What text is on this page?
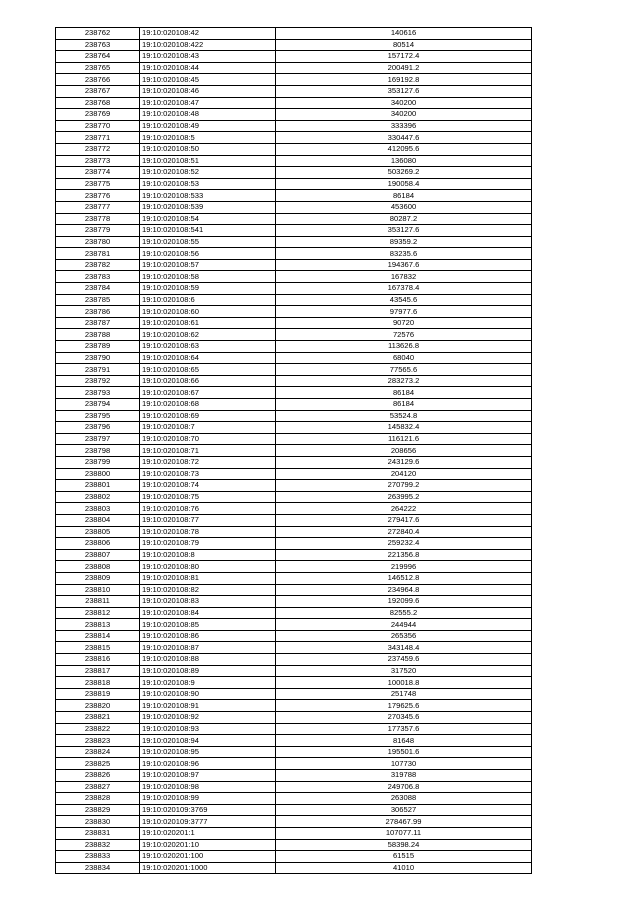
238762	19:10:020108:42	140616
238763	19:10:020108:422	80514
238764	19:10:020108:43	157172.4
238765	19:10:020108:44	200491.2
238766	19:10:020108:45	169192.8
238767	19:10:020108:46	353127.6
238768	19:10:020108:47	340200
238769	19:10:020108:48	340200
238770	19:10:020108:49	333396
238771	19:10:020108:5	330447.6
238772	19:10:020108:50	412095.6
238773	19:10:020108:51	136080
238774	19:10:020108:52	503269.2
238775	19:10:020108:53	190058.4
238776	19:10:020108:533	86184
238777	19:10:020108:539	453600
238778	19:10:020108:54	80287.2
238779	19:10:020108:541	353127.6
238780	19:10:020108:55	89359.2
238781	19:10:020108:56	83235.6
238782	19:10:020108:57	194367.6
238783	19:10:020108:58	167832
238784	19:10:020108:59	167378.4
238785	19:10:020108:6	43545.6
238786	19:10:020108:60	97977.6
238787	19:10:020108:61	90720
238788	19:10:020108:62	72576
238789	19:10:020108:63	113626.8
238790	19:10:020108:64	68040
238791	19:10:020108:65	77565.6
238792	19:10:020108:66	283273.2
238793	19:10:020108:67	86184
238794	19:10:020108:68	86184
238795	19:10:020108:69	53524.8
238796	19:10:020108:7	145832.4
238797	19:10:020108:70	116121.6
238798	19:10:020108:71	208656
238799	19:10:020108:72	243129.6
238800	19:10:020108:73	204120
238801	19:10:020108:74	270799.2
238802	19:10:020108:75	263995.2
238803	19:10:020108:76	264222
238804	19:10:020108:77	279417.6
238805	19:10:020108:78	272840.4
238806	19:10:020108:79	259232.4
238807	19:10:020108:8	221356.8
238808	19:10:020108:80	219996
238809	19:10:020108:81	146512.8
238810	19:10:020108:82	234964.8
238811	19:10:020108:83	192099.6
238812	19:10:020108:84	82555.2
238813	19:10:020108:85	244944
238814	19:10:020108:86	265356
238815	19:10:020108:87	343148.4
238816	19:10:020108:88	237459.6
238817	19:10:020108:89	317520
238818	19:10:020108:9	100018.8
238819	19:10:020108:90	251748
238820	19:10:020108:91	179625.6
238821	19:10:020108:92	270345.6
238822	19:10:020108:93	177357.6
238823	19:10:020108:94	81648
238824	19:10:020108:95	195501.6
238825	19:10:020108:96	107730
238826	19:10:020108:97	319788
238827	19:10:020108:98	249706.8
238828	19:10:020108:99	263088
238829	19:10:020109:3769	306527
238830	19:10:020109:3777	278467.99
238831	19:10:020201:1	107077.11
238832	19:10:020201:10	58398.24
238833	19:10:020201:100	61515
238834	19:10:020201:1000	41010
